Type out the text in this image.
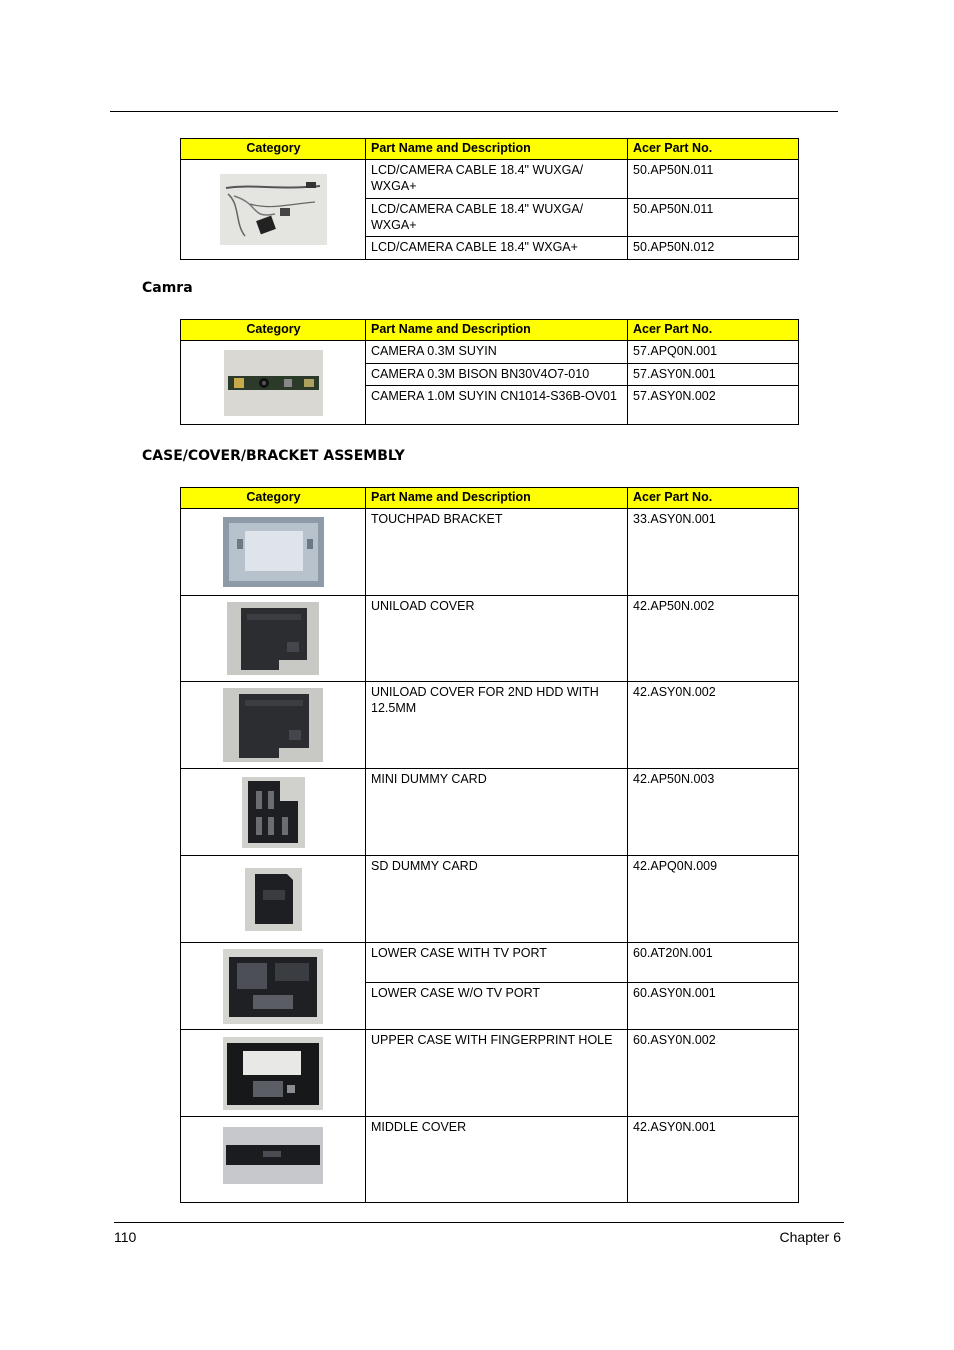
Category	Part Name and Description	Acer Part No.

	LCD/CAMERA CABLE 18.4" WUXGA/ WXGA+	50.AP50N.011
	LCD/CAMERA CABLE 18.4" WUXGA/ WXGA+	50.AP50N.011
	LCD/CAMERA CABLE 18.4" WXGA+	50.AP50N.012
Camra
Category	Part Name and Description	Acer Part No.

	CAMERA 0.3M SUYIN	57.APQ0N.001
	CAMERA 0.3M BISON BN30V4O7-010	57.ASY0N.001
	CAMERA 1.0M SUYIN CN1014-S36B-OV01	57.ASY0N.002
CASE/COVER/BRACKET ASSEMBLY
Category	Part Name and Description	Acer Part No.

	TOUCHPAD BRACKET	33.ASY0N.001

	UNILOAD COVER	42.AP50N.002

	UNILOAD COVER FOR 2ND HDD WITH 12.5MM	42.ASY0N.002

	MINI DUMMY CARD	42.AP50N.003

	SD DUMMY CARD	42.APQ0N.009

	LOWER CASE WITH TV PORT	60.AT20N.001
	LOWER CASE W/O TV PORT	60.ASY0N.001

	UPPER CASE WITH FINGERPRINT HOLE	60.ASY0N.002

	MIDDLE COVER	42.ASY0N.001
110	Chapter 6
